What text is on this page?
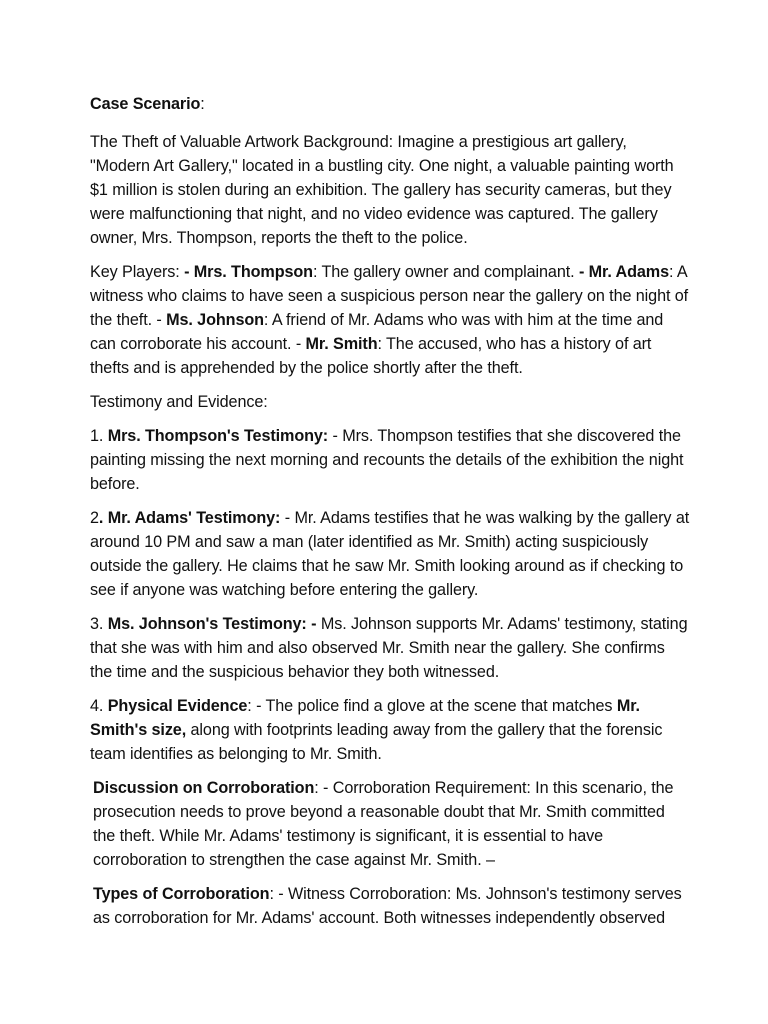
Case Scenario:

The Theft of Valuable Artwork Background: Imagine a prestigious art gallery, "Modern Art Gallery," located in a bustling city. One night, a valuable painting worth $1 million is stolen during an exhibition. The gallery has security cameras, but they were malfunctioning that night, and no video evidence was captured. The gallery owner, Mrs. Thompson, reports the theft to the police.

Key Players: - Mrs. Thompson: The gallery owner and complainant. - Mr. Adams: A witness who claims to have seen a suspicious person near the gallery on the night of the theft. - Ms. Johnson: A friend of Mr. Adams who was with him at the time and can corroborate his account. - Mr. Smith: The accused, who has a history of art thefts and is apprehended by the police shortly after the theft.

Testimony and Evidence:

1. Mrs. Thompson's Testimony: - Mrs. Thompson testifies that she discovered the painting missing the next morning and recounts the details of the exhibition the night before.

2. Mr. Adams' Testimony: - Mr. Adams testifies that he was walking by the gallery at around 10 PM and saw a man (later identified as Mr. Smith) acting suspiciously outside the gallery. He claims that he saw Mr. Smith looking around as if checking to see if anyone was watching before entering the gallery.

3. Ms. Johnson's Testimony: - Ms. Johnson supports Mr. Adams' testimony, stating that she was with him and also observed Mr. Smith near the gallery. She confirms the time and the suspicious behavior they both witnessed.

4. Physical Evidence: - The police find a glove at the scene that matches Mr. Smith's size, along with footprints leading away from the gallery that the forensic team identifies as belonging to Mr. Smith.

Discussion on Corroboration: - Corroboration Requirement: In this scenario, the prosecution needs to prove beyond a reasonable doubt that Mr. Smith committed the theft. While Mr. Adams' testimony is significant, it is essential to have corroboration to strengthen the case against Mr. Smith. –

Types of Corroboration: - Witness Corroboration: Ms. Johnson's testimony serves as corroboration for Mr. Adams' account. Both witnesses independently observed
